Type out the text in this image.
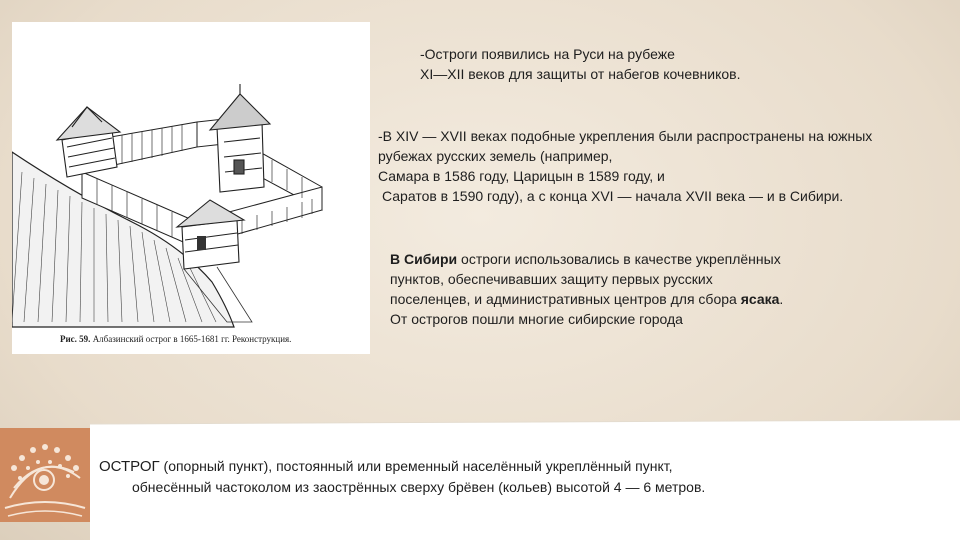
Рис. 59. Албазинский острог в 1665-1681 гг. Реконструкция.
-Остроги появились на Руси на рубеже
XI—XII веков для защиты от набегов кочевников.
-В XIV — XVII веках подобные укрепления были распространены на южных
рубежах русских земель (например,
Самара в 1586 году, Царицын в 1589 году, и
Саратов в 1590 году), а с конца XVI — начала XVII века — и в Сибири.
В Сибири остроги использовались в качестве укреплённых
пунктов, обеспечивавших защиту первых русских
поселенцев, и административных центров для сбора ясака.
От острогов пошли многие сибирские города
ОСТРОГ (опорный пункт), постоянный или временный населённый укреплённый пункт,
обнесённый частоколом из заострённых сверху брёвен (кольев) высотой 4 — 6 метров.
